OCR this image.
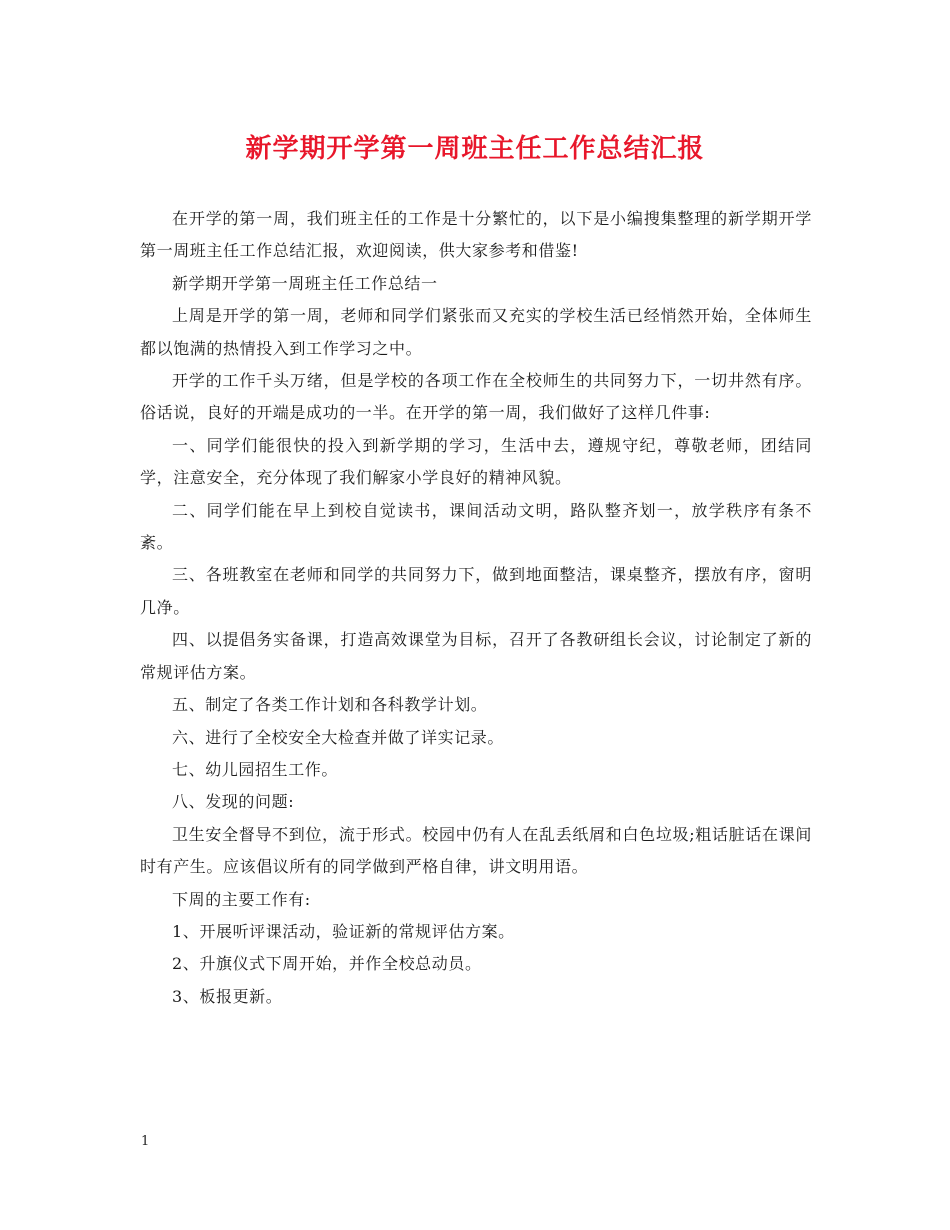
新学期开学第一周班主任工作总结汇报

在开学的第一周，我们班主任的工作是十分繁忙的，以下是小编搜集整理的新学期开学第一周班主任工作总结汇报，欢迎阅读，供大家参考和借鉴!

新学期开学第一周班主任工作总结一

上周是开学的第一周，老师和同学们紧张而又充实的学校生活已经悄然开始，全体师生都以饱满的热情投入到工作学习之中。

开学的工作千头万绪，但是学校的各项工作在全校师生的共同努力下，一切井然有序。俗话说，良好的开端是成功的一半。在开学的第一周，我们做好了这样几件事:

一、同学们能很快的投入到新学期的学习，生活中去，遵规守纪，尊敬老师，团结同学，注意安全，充分体现了我们解家小学良好的精神风貌。

二、同学们能在早上到校自觉读书，课间活动文明，路队整齐划一，放学秩序有条不紊。

三、各班教室在老师和同学的共同努力下，做到地面整洁，课桌整齐，摆放有序，窗明几净。

四、以提倡务实备课，打造高效课堂为目标，召开了各教研组长会议，讨论制定了新的常规评估方案。

五、制定了各类工作计划和各科教学计划。

六、进行了全校安全大检查并做了详实记录。

七、幼儿园招生工作。

八、发现的问题:

卫生安全督导不到位，流于形式。校园中仍有人在乱丢纸屑和白色垃圾;粗话脏话在课间时有产生。应该倡议所有的同学做到严格自律，讲文明用语。

下周的主要工作有:

1、开展听评课活动，验证新的常规评估方案。

2、升旗仪式下周开始，并作全校总动员。

3、板报更新。

1
